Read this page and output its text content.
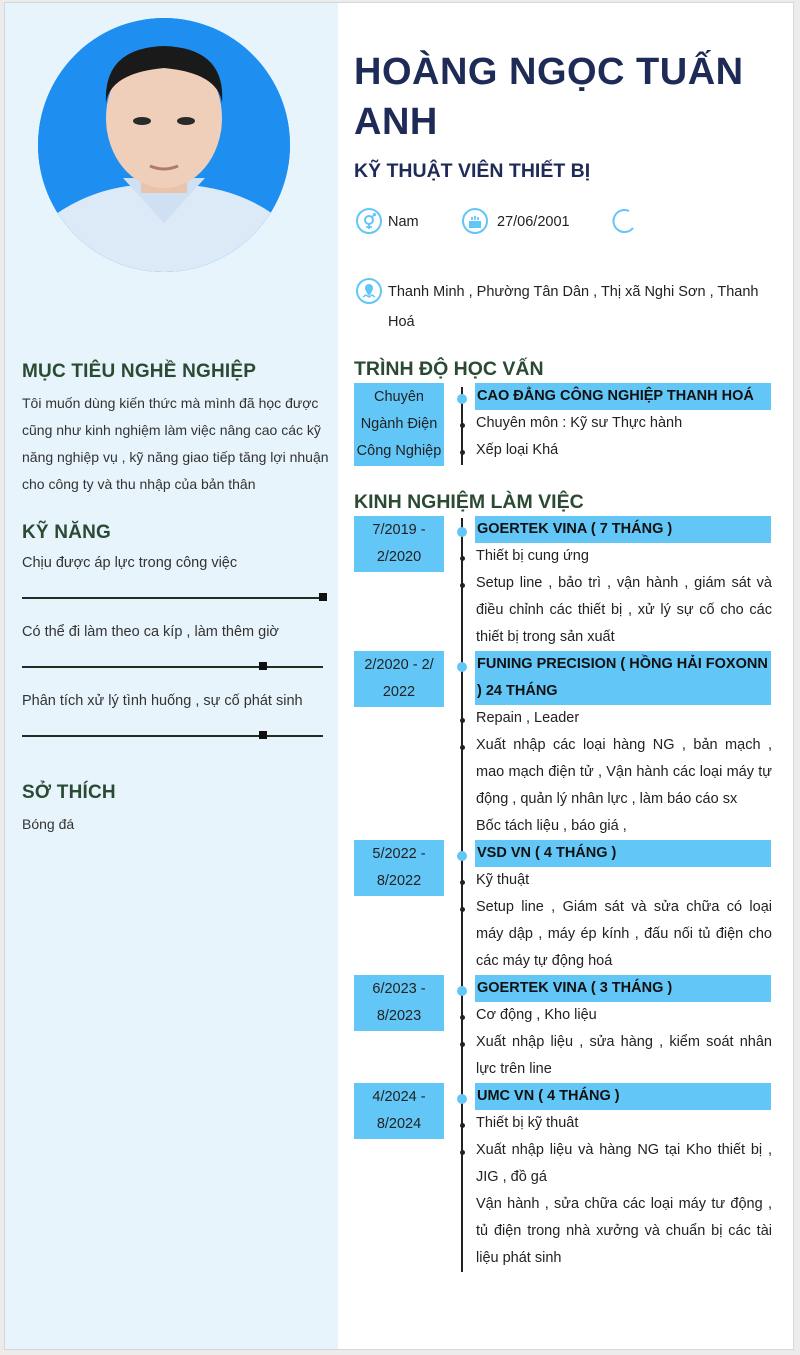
MỤC TIÊU NGHỀ NGHIỆP
Tôi muốn dùng kiến thức mà mình đã học được cũng như kinh nghiệm làm việc nâng cao các kỹ năng nghiệp vụ , kỹ năng giao tiếp tăng lợi nhuận cho công ty và thu nhập của bản thân
KỸ NĂNG
Chịu được áp lực trong công việc
Có thể đi làm theo ca kíp , làm thêm giờ
Phân tích xử lý tình huống , sự cố phát sinh
SỞ THÍCH
Bóng đá
HOÀNG NGỌC TUẤN ANH
KỸ THUẬT VIÊN THIẾT BỊ
Nam	27/06/2001
Thanh Minh , Phường Tân Dân , Thị xã Nghi Sơn , Thanh Hoá
TRÌNH ĐỘ HỌC VẤN
Chuyên Ngành Điện Công Nghiệp
CAO ĐẲNG CÔNG NGHIỆP THANH HOÁ
Chuyên môn : Kỹ sư Thực hành
Xếp loại Khá
KINH NGHIỆM LÀM VIỆC
7/2019 - 2/2020
GOERTEK VINA ( 7 THÁNG )
Thiết bị cung ứng
Setup line , bảo trì , vận hành , giám sát và điều chỉnh các thiết bị , xử lý sự cố cho các thiết bị trong sản xuất
2/2020 - 2/ 2022
FUNING PRECISION ( HỒNG HẢI FOXONN ) 24 THÁNG
Repain , Leader
Xuất nhập các loại hàng NG , bản mạch , mao mạch điện tử , Vận hành các loại máy tự động , quản lý nhân lực , làm báo cáo sx
Bốc tách liệu , báo giá ,
5/2022 - 8/2022
VSD VN ( 4 THÁNG )
Kỹ thuật
Setup line , Giám sát và sửa chữa có loại máy dập , máy ép kính , đấu nối tủ điện cho các máy tự động hoá
6/2023 - 8/2023
GOERTEK VINA ( 3 THÁNG )
Cơ động , Kho liệu
Xuất nhập liệu , sửa hàng , kiểm soát nhân lực trên line
4/2024 - 8/2024
UMC VN ( 4 THÁNG )
Thiết bị kỹ thuât
Xuất nhập liệu và hàng NG tại Kho thiết bị , JIG , đồ gá
Vận hành , sửa chữa các loại máy tư động , tủ điện trong nhà xưởng và chuẩn bị các tài liệu phát sinh
